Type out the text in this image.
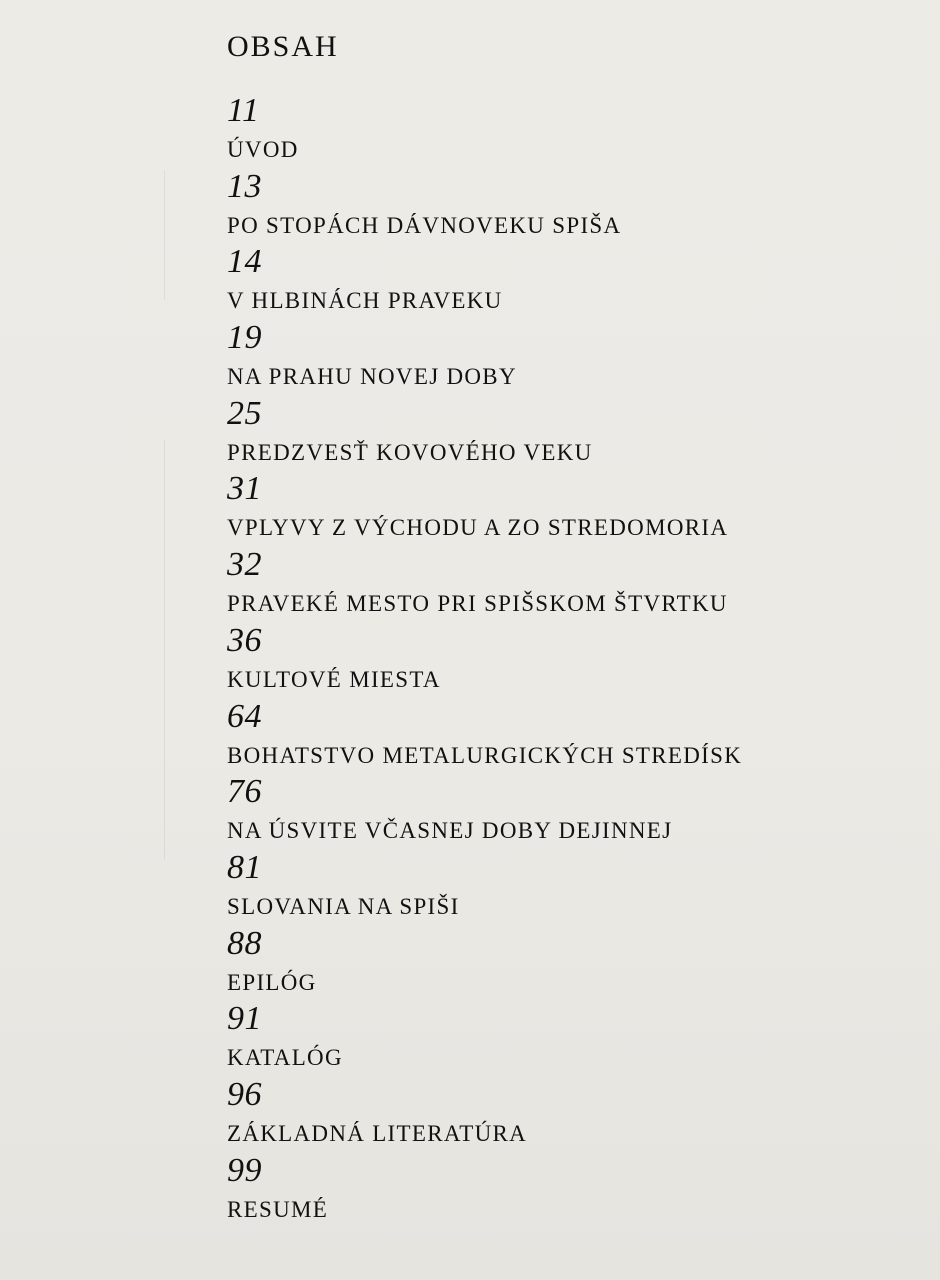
OBSAH
11
ÚVOD
13
PO STOPÁCH DÁVNOVEKU SPIŠA
14
V HLBINÁCH PRAVEKU
19
NA PRAHU NOVEJ DOBY
25
PREDZVESŤ KOVOVÉHO VEKU
31
VPLYVY Z VÝCHODU A ZO STREDOMORIA
32
PRAVEKÉ MESTO PRI SPIŠSKOM ŠTVRTKU
36
KULTOVÉ MIESTA
64
BOHATSTVO METALURGICKÝCH STREDÍSK
76
NA ÚSVITE VČASNEJ DOBY DEJINNEJ
81
SLOVANIA NA SPIŠI
88
EPILÓG
91
KATALÓG
96
ZÁKLADNÁ LITERATÚRA
99
RESUMÉ
